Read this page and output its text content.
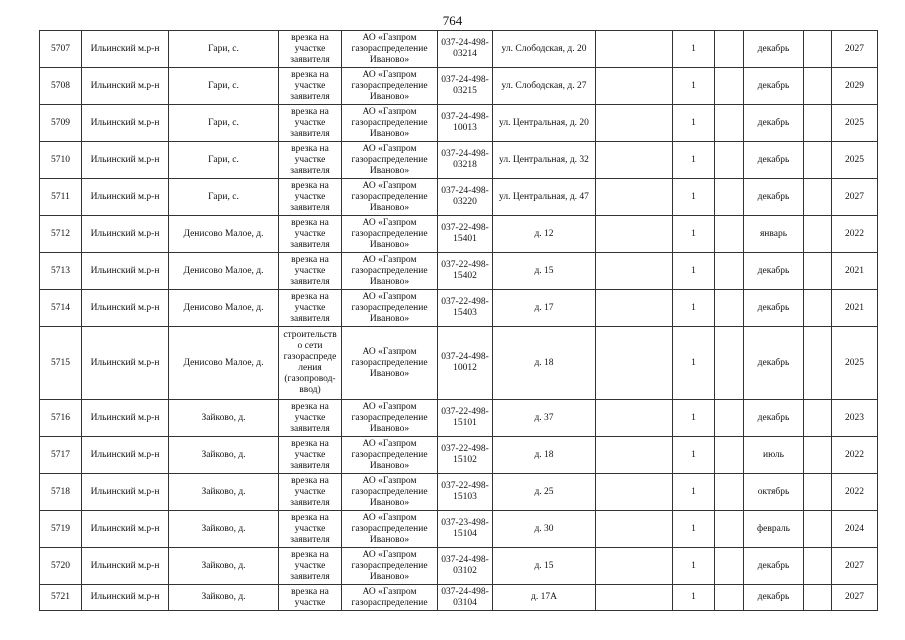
764
5707	Ильинский м.р-н	Гари, с.	врезка на участке заявителя	АО «Газпром газораспределение Иваново»	037-24-498-03214	ул. Слободская, д. 20		1		декабрь		2027
5708	Ильинский м.р-н	Гари, с.	врезка на участке заявителя	АО «Газпром газораспределение Иваново»	037-24-498-03215	ул. Слободская, д. 27		1		декабрь		2029
5709	Ильинский м.р-н	Гари, с.	врезка на участке заявителя	АО «Газпром газораспределение Иваново»	037-24-498-10013	ул. Центральная, д. 20		1		декабрь		2025
5710	Ильинский м.р-н	Гари, с.	врезка на участке заявителя	АО «Газпром газораспределение Иваново»	037-24-498-03218	ул. Центральная, д. 32		1		декабрь		2025
5711	Ильинский м.р-н	Гари, с.	врезка на участке заявителя	АО «Газпром газораспределение Иваново»	037-24-498-03220	ул. Центральная, д. 47		1		декабрь		2027
5712	Ильинский м.р-н	Денисово Малое, д.	врезка на участке заявителя	АО «Газпром газораспределение Иваново»	037-22-498-15401	д. 12		1		январь		2022
5713	Ильинский м.р-н	Денисово Малое, д.	врезка на участке заявителя	АО «Газпром газораспределение Иваново»	037-22-498-15402	д. 15		1		декабрь		2021
5714	Ильинский м.р-н	Денисово Малое, д.	врезка на участке заявителя	АО «Газпром газораспределение Иваново»	037-22-498-15403	д. 17		1		декабрь		2021
5715	Ильинский м.р-н	Денисово Малое, д.	строительств о сети газораспреде ления (газопровод-ввод)	АО «Газпром газораспределение Иваново»	037-24-498-10012	д. 18		1		декабрь		2025
5716	Ильинский м.р-н	Зайково, д.	врезка на участке заявителя	АО «Газпром газораспределение Иваново»	037-22-498-15101	д. 37		1		декабрь		2023
5717	Ильинский м.р-н	Зайково, д.	врезка на участке заявителя	АО «Газпром газораспределение Иваново»	037-22-498-15102	д. 18		1		июль		2022
5718	Ильинский м.р-н	Зайково, д.	врезка на участке заявителя	АО «Газпром газораспределение Иваново»	037-22-498-15103	д. 25		1		октябрь		2022
5719	Ильинский м.р-н	Зайково, д.	врезка на участке заявителя	АО «Газпром газораспределение Иваново»	037-23-498-15104	д. 30		1		февраль		2024
5720	Ильинский м.р-н	Зайково, д.	врезка на участке заявителя	АО «Газпром газораспределение Иваново»	037-24-498-03102	д. 15		1		декабрь		2027
5721	Ильинский м.р-н	Зайково, д.	врезка на участке	АО «Газпром газораспределение	037-24-498-03104	д. 17А		1		декабрь		2027
